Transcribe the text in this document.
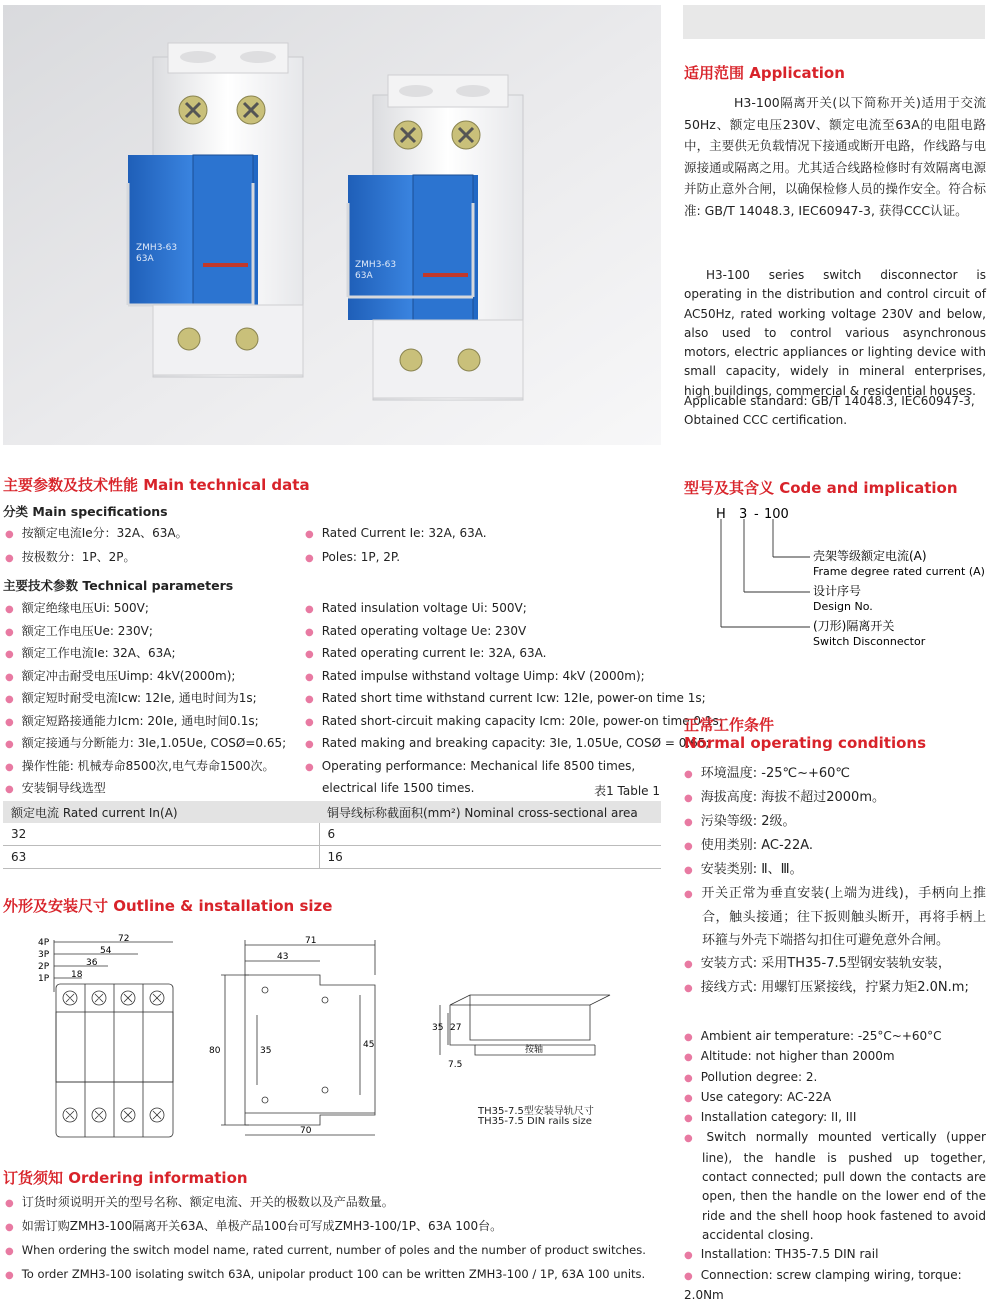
ZMH3-63
63A
ZMH3-63
63A
适用范围 Application
H3-100隔离开关(以下简称开关)适用于交流50Hz、额定电压230V、额定电流至63A的电阻电路中，主要供无负载情况下接通或断开电路，作线路与电源接通或隔离之用。尤其适合线路检修时有效隔离电源并防止意外合闸，以确保检修人员的操作安全。符合标准: GB/T 14048.3, IEC60947-3, 获得CCC认证。
H3-100 series switch disconnector is operating in the distribution and control circuit of AC50Hz, rated working voltage 230V and below, also used to control various asynchronous motors, electric appliances or lighting device with small capacity, widely in mineral enterprises, high buildings, commercial & residential houses.
Applicable standard: GB/T 14048.3, IEC60947-3,
Obtained CCC certification.
主要参数及技术性能 Main technical data
分类 Main specifications
● 按额定电流Ie分：32A、63A。
● 按极数分：1P、2P。
● Rated Current Ie: 32A, 63A.
● Poles: 1P, 2P.
主要技术参数 Technical parameters
● 额定绝缘电压Ui: 500V;
● 额定工作电压Ue: 230V;
● 额定工作电流Ie: 32A、63A;
● 额定冲击耐受电压Uimp: 4kV(2000m);
● 额定短时耐受电流Icw: 12Ie, 通电时间为1s;
● 额定短路接通能力Icm: 20Ie, 通电时间0.1s;
● 额定接通与分断能力: 3Ie,1.05Ue, COSØ=0.65;
● 操作性能: 机械寿命8500次,电气寿命1500次。
● 安装铜导线选型
● Rated insulation voltage Ui: 500V;
● Rated operating voltage Ue: 230V
● Rated operating current Ie: 32A, 63A.
● Rated impulse withstand voltage Uimp: 4kV (2000m);
● Rated short time withstand current Icw: 12Ie, power-on time 1s;
● Rated short-circuit making capacity Icm: 20Ie, power-on time 0.1s;
● Rated making and breaking capacity: 3Ie, 1.05Ue, COSØ = 0.65;
● Operating performance: Mechanical life 8500 times,
electrical life 1500 times.	表1 Table 1
额定电流 Rated current In(A)	铜导线标称截面积(mm²) Nominal cross-sectional area
32	6
63	16
外形及安装尺寸 Outline & installation size
72
54
36
18
4P
3P
2P
1P
71
43
80	35
45
70
35 27
7.5
按轴
TH35-7.5型安装导轨尺寸
TH35-7.5 DIN rails size
订货须知 Ordering information
● 订货时须说明开关的型号名称、额定电流、开关的极数以及产品数量。
● 如需订购ZMH3-100隔离开关63A、单极产品100台可写成ZMH3-100/1P、63A 100台。
● When ordering the switch model name, rated current, number of poles and the number of product switches.
● To order ZMH3-100 isolating switch 63A, unipolar product 100 can be written ZMH3-100 / 1P, 63A 100 units.
型号及其含义 Code and implication
H 3 - 100
壳架等级额定电流(A)
Frame degree rated current (A)
设计序号
Design No.
(刀形)隔离开关
Switch Disconnector
正常工作条件
Normal operating conditions
● 环境温度: -25℃~+60℃
● 海拔高度: 海拔不超过2000m。
● 污染等级: 2级。
● 使用类别: AC-22A.
● 安装类别: Ⅱ、Ⅲ。
● 开关正常为垂直安装(上端为进线)，手柄向上推合，触头接通；往下扳则触头断开，再将手柄上环箍与外壳下端搭勾扣住可避免意外合闸。
● 安装方式: 采用TH35-7.5型钢安装轨安装，
● 接线方式: 用螺钉压紧接线，拧紧力矩2.0N.m;
● Ambient air temperature: -25°C~+60°C
● Altitude: not higher than 2000m
● Pollution degree: 2.
● Use category: AC-22A
● Installation category: II, III
● Switch normally mounted vertically (upper line), the handle is pushed up together, contact connected; pull down the contacts are open, then the handle on the lower end of the ride and the shell hoop hook fastened to avoid accidental closing.
● Installation: TH35-7.5 DIN rail
● Connection: screw clamping wiring, torque: 2.0Nm
